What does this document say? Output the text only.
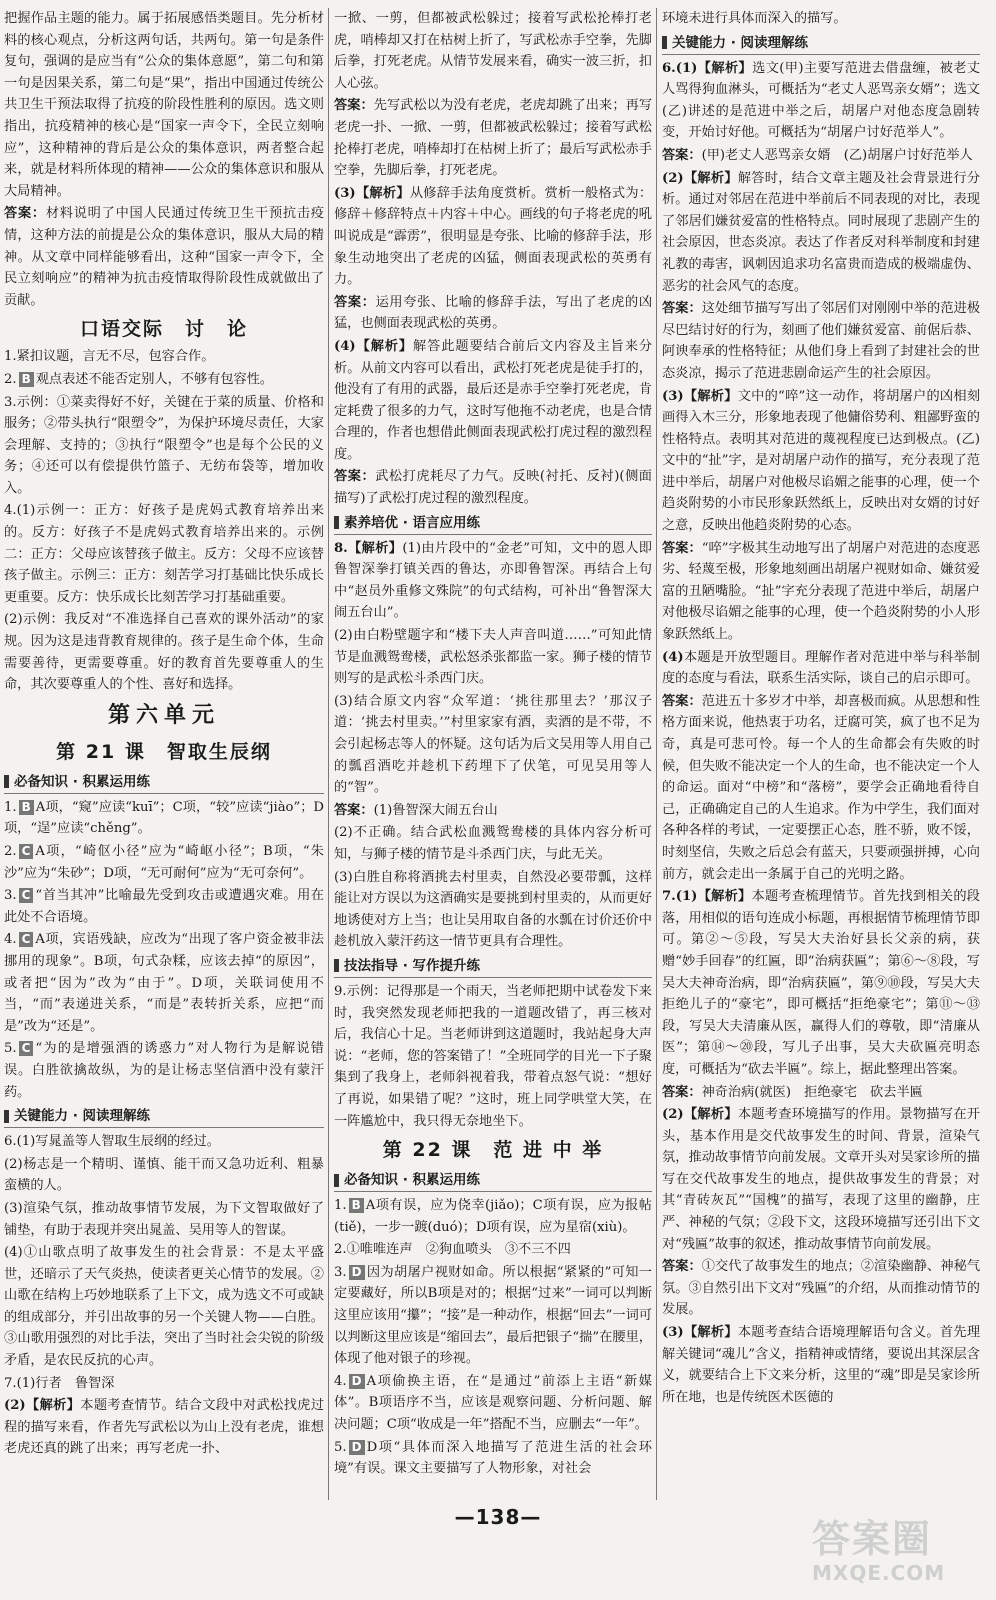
把握作品主题的能力。属于拓展感悟类题目。先分析材料的核心观点，分析这两句话，共两句。第一句是条件复句，强调的是应当有“公众的集体意愿”，第二句和第一句是因果关系，第二句是“果”，指出中国通过传统公共卫生干预法取得了抗疫的阶段性胜利的原因。选文则指出，抗疫精神的核心是“国家一声令下，全民立刻响应”，这种精神的背后是公众的集体意识，两者整合起来，就是材料所体现的精神——公众的集体意识和服从大局精神。

答案：材料说明了中国人民通过传统卫生干预抗击疫情，这种方法的前提是公众的集体意识，服从大局的精神。从文章中同样能够看出，这种“国家一声令下，全民立刻响应”的精神为抗击疫情取得阶段性成就做出了贡献。

口语交际　讨　论

1.紧扣议题，言无不尽，包容合作。

2. B 观点表述不能否定别人，不够有包容性。

3.示例：①菜卖得好不好，关键在于菜的质量、价格和服务；②带头执行“限塑令”，为保护环境尽责任，大家会理解、支持的；③执行“限塑令”也是每个公民的义务；④还可以有偿提供竹篮子、无纺布袋等，增加收入。

4.(1)示例一：正方：好孩子是虎妈式教育培养出来的。反方：好孩子不是虎妈式教育培养出来的。示例二：正方：父母应该替孩子做主。反方：父母不应该替孩子做主。示例三：正方：刻苦学习打基础比快乐成长更重要。反方：快乐成长比刻苦学习打基础重要。

(2)示例：我反对“不准选择自己喜欢的课外活动”的家规。因为这是违背教育规律的。孩子是生命个体，生命需要善待，更需要尊重。好的教育首先要尊重人的生命，其次要尊重人的个性、喜好和选择。

第六单元
第 21 课　智取生辰纲
必备知识 · 积累运用练

1. B A项，“窥”应读“kuī”；C项，“较”应读“jiào”；D项，“逞”应读“chěng”。

2. C A项，“崎伛小径”应为“崎岖小径”；B项，“朱沙”应为“朱砂”；D项，“无可耐何”应为“无可奈何”。

3. C “首当其冲”比喻最先受到攻击或遭遇灾难。用在此处不合语境。

4. C A项，宾语残缺，应改为“出现了客户资金被非法挪用的现象”。B项，句式杂糅，应该去掉“的原因”，或者把“因为”改为“由于”。D项，关联词使用不当，“而”表递进关系，“而是”表转折关系，应把“而是”改为“还是”。

5. C “为的是增强酒的诱惑力”对人物行为是解说错误。白胜欲擒故纵，为的是让杨志坚信酒中没有蒙汗药。

关键能力 · 阅读理解练

6.(1)写晁盖等人智取生辰纲的经过。

(2)杨志是一个精明、谨慎、能干而又急功近利、粗暴蛮横的人。

(3)渲染气氛，推动故事情节发展，为下文智取做好了铺垫，有助于表现并突出晁盖、吴用等人的智谋。

(4)①山歌点明了故事发生的社会背景：不是太平盛世，还暗示了天气炎热，使读者更关心情节的发展。②山歌在结构上巧妙地联系了上下文，成为选文不可或缺的组成部分，并引出故事的另一个关键人物——白胜。③山歌用强烈的对比手法，突出了当时社会尖锐的阶级矛盾，是农民反抗的心声。

7.(1)行者　鲁智深

(2)【解析】本题考查情节。结合文段中对武松找虎过程的描写来看，作者先写武松以为山上没有老虎，谁想老虎还真的跳了出来；再写老虎一扑、

一掀、一剪，但都被武松躲过；接着写武松抡棒打老虎，哨棒却又打在枯树上折了，写武松赤手空拳，先脚后拳，打死老虎。从情节发展来看，确实一波三折，扣人心弦。

答案：先写武松以为没有老虎，老虎却跳了出来；再写老虎一扑、一掀、一剪，但都被武松躲过；接着写武松抡棒打老虎，哨棒却打在枯树上折了；最后写武松赤手空拳，先脚后拳，打死老虎。

(3)【解析】从修辞手法角度赏析。赏析一般格式为：修辞＋修辞特点＋内容＋中心。画线的句子将老虎的吼叫说成是“霹雳”，很明显是夸张、比喻的修辞手法，形象生动地突出了老虎的凶猛，侧面表现武松的英勇有力。

答案：运用夸张、比喻的修辞手法，写出了老虎的凶猛，也侧面表现武松的英勇。

(4)【解析】解答此题要结合前后文内容及主旨来分析。从前文内容可以看出，武松打死老虎是徒手打的，他没有了有用的武器，最后还是赤手空拳打死老虎，肯定耗费了很多的力气，这时写他拖不动老虎，也是合情合理的，作者也想借此侧面表现武松打虎过程的激烈程度。

答案：武松打虎耗尽了力气。反映(衬托、反衬)(侧面描写)了武松打虎过程的激烈程度。

素养培优 · 语言应用练

8.【解析】(1)由片段中的“金老”可知，文中的恩人即鲁智深拳打镇关西的鲁达，亦即鲁智深。再结合上句中“赵员外重修文殊院”的句式结构，可补出“鲁智深大闹五台山”。

(2)由白粉壁题字和“楼下夫人声音叫道……”可知此情节是血溅鸳鸯楼，武松怒杀张都监一家。狮子楼的情节则写的是武松斗杀西门庆。

(3)结合原文内容“众军道：‘挑往那里去？’那汉子道：‘挑去村里卖。’”村里家家有酒，卖酒的是不带，不会引起杨志等人的怀疑。这句话为后文吴用等人用自己的瓢舀酒吃并趁机下药埋下了伏笔，可见吴用等人的“智”。

答案：(1)鲁智深大闹五台山

(2)不正确。结合武松血溅鸳鸯楼的具体内容分析可知，与狮子楼的情节是斗杀西门庆，与此无关。

(3)白胜自称将酒挑去村里卖，自然没必要带瓢，这样能让对方误以为这酒确实是要挑到村里卖的，从而更好地诱使对方上当；也让吴用取自备的水瓢在讨价还价中趁机放入蒙汗药这一情节更具有合理性。

技法指导 · 写作提升练

9.示例：记得那是一个雨天，当老师把期中试卷发下来时，我突然发现老师把我的一道题改错了，再三核对后，我信心十足。当老师讲到这道题时，我站起身大声说：“老师，您的答案错了！”全班同学的目光一下子聚集到了我身上，老师斜视着我，带着点怒气说：“想好了再说，如果错了呢？”这时，班上同学哄堂大笑，在一阵尴尬中，我只得无奈地坐下。

第 22 课　范 进 中 举
必备知识 · 积累运用练

1. B A项有误，应为侥幸(jiǎo)；C项有误，应为报帖(tiě)，一步一踱(duó)；D项有误，应为星宿(xiù)。

2.①唯唯连声　②狗血喷头　③不三不四

3. D 因为胡屠户视财如命。所以根据“紧紧的”可知一定要藏好，所以B项是对的；根据“过来”一词可以判断这里应该用“攥”；“接”是一种动作，根据“回去”一词可以判断这里应该是“缩回去”，最后把银子“揣”在腰里，体现了他对银子的珍视。

4. D A项偷换主语，在“是通过”前添上主语“新媒体”。B项语序不当，应该是观察问题、分析问题、解决问题；C项“收成是一年”搭配不当，应删去“一年”。

5. D D项“具体而深入地描写了范进生活的社会环境”有误。课文主要描写了人物形象，对社会

环境未进行具体而深入的描写。

关键能力 · 阅读理解练

6.(1)【解析】选文(甲)主要写范进去借盘缠，被老丈人骂得狗血淋头，可概括为“老丈人恶骂亲女婿”；选文(乙)讲述的是范进中举之后，胡屠户对他态度急剧转变，开始讨好他。可概括为“胡屠户讨好范举人”。

答案：(甲)老丈人恶骂亲女婿　(乙)胡屠户讨好范举人

(2)【解析】解答时，结合文章主题及社会背景进行分析。通过对邻居在范进中举前后不同表现的对比，表现了邻居们嫌贫爱富的性格特点。同时展现了悲剧产生的社会原因，世态炎凉。表达了作者反对科举制度和封建礼教的毒害，讽刺因追求功名富贵而造成的极端虚伪、恶劣的社会风气的态度。

答案：这处细节描写写出了邻居们对刚刚中举的范进极尽巴结讨好的行为，刻画了他们嫌贫爱富、前倨后恭、阿谀奉承的性格特征；从他们身上看到了封建社会的世态炎凉，揭示了范进悲剧命运产生的社会原因。

(3)【解析】文中的“啐”这一动作，将胡屠户的凶相刻画得入木三分，形象地表现了他傭俗势利、粗鄙野蛮的性格特点。表明其对范进的蔑视程度已达到极点。(乙)文中的“扯”字，是对胡屠户动作的描写，充分表现了范进中举后，胡屠户对他极尽谄媚之能事的心理，使一个趋炎附势的小市民形象跃然纸上，反映出对女婿的讨好之意，反映出他趋炎附势的心态。

答案：“啐”字极其生动地写出了胡屠户对范进的态度恶劣、轻蔑至极，形象地刻画出胡屠户视财如命、嫌贫爱富的丑陋嘴脸。“扯”字充分表现了范进中举后，胡屠户对他极尽谄媚之能事的心理，使一个趋炎附势的小人形象跃然纸上。

(4)本题是开放型题目。理解作者对范进中举与科举制度的态度与看法，联系生活实际，谈自己的启示即可。

答案：范进五十多岁才中举，却喜极而疯。从思想和性格方面来说，他热衷于功名，迂腐可笑，疯了也不足为奇，真是可悲可怜。每一个人的生命都会有失败的时候，但失败不能决定一个人的生命，也不能决定一个人的命运。面对“中榜”和“落榜”，要学会正确地看待自己，正确确定自己的人生追求。作为中学生，我们面对各种各样的考试，一定要摆正心态，胜不骄，败不馁，时刻坚信，失败之后总会有蓝天，只要顽强拼搏，心向前方，就会走出一条属于自己的光明之路。

7.(1)【解析】本题考查梳理情节。首先找到相关的段落，用相似的语句连成小标题，再根据情节梳理情节即可。第②～⑤段，写吴大夫治好县长父亲的病，获赠“妙手回春”的红匾，即“治病获匾”；第⑥～⑧段，写吴大夫神奇治病，即“治病获匾”，第⑨⑩段，写吴大夫拒绝儿子的“豪宅”，即可概括“拒绝豪宅”；第⑪～⑬段，写吴大夫清廉从医，赢得人们的尊敬，即“清廉从医”；第⑭～⑳段，写儿子出事，吴大夫砍匾亮明态度，可概括为“砍去半匾”。综上，据此整理出答案。

答案：神奇治病(就医)　拒绝豪宅　砍去半匾

(2)【解析】本题考查环境描写的作用。景物描写在开头，基本作用是交代故事发生的时间、背景，渲染气氛，推动故事情节向前发展。文章开头对吴家诊所的描写在交代故事发生的地点，提供故事发生的背景；对其“青砖灰瓦”“国槐”的描写，表现了这里的幽静，庄严、神秘的气氛；②段下文，这段环境描写还引出下文对“残匾”故事的叙述，推动故事情节向前发展。

答案：①交代了故事发生的地点；②渲染幽静、神秘气氛。③自然引出下文对“残匾”的介绍，从而推动情节的发展。

(3)【解析】本题考查结合语境理解语句含义。首先理解关键词“魂儿”含义，指精神或情绪，要说出其深层含义，就要结合上下文来分析，这里的“魂”即是吴家诊所所在地，也是传统医术医德的

—138—	答案圈
MXQE.COM
